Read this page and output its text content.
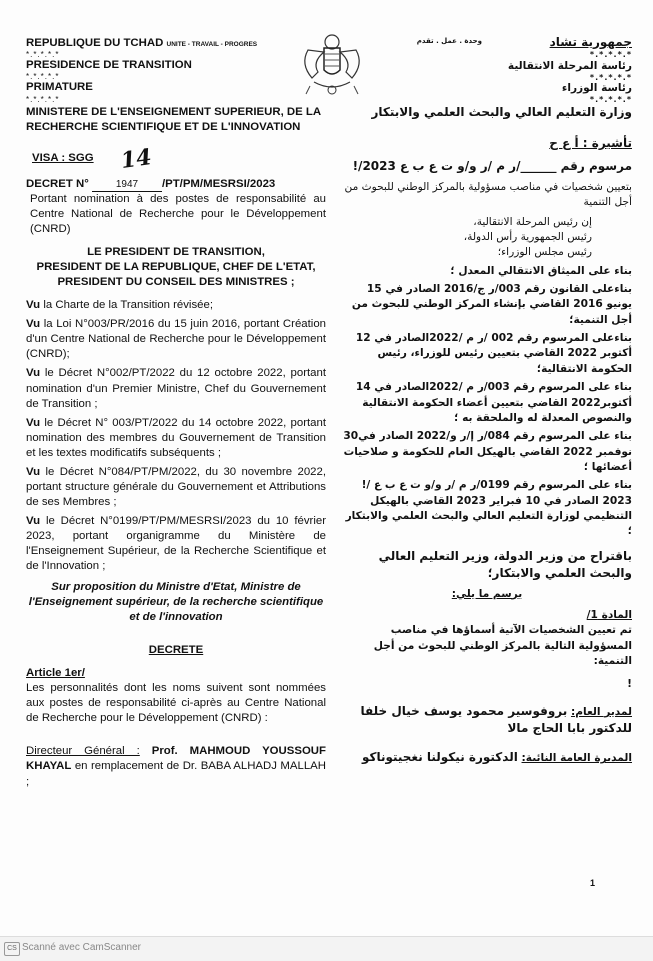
REPUBLIQUE DU TCHAD UNITE - TRAVAIL - PROGRES
*.*.*.*.*
PRESIDENCE DE TRANSITION
*.*.*.*.*
PRIMATURE
*.*.*.*.*
MINISTERE DE L'ENSEIGNEMENT SUPERIEUR, DE LA RECHERCHE SCIENTIFIQUE ET DE L'INNOVATION
VISA : SGG 14
DECRET N°	1947 /PT/PM/MESRSI/2023
Portant nomination à des postes de responsabilité au Centre National de Recherche pour le Développement (CNRD)
LE PRESIDENT DE TRANSITION,
PRESIDENT DE LA REPUBLIQUE, CHEF DE L'ETAT,
PRESIDENT DU CONSEIL DES MINISTRES ;
Vu la Charte de la Transition révisée;
Vu la Loi N°003/PR/2016 du 15 juin 2016, portant Création d'un Centre National de Recherche pour le Développement (CNRD);
Vu le Décret N°002/PT/2022 du 12 octobre 2022, portant nomination d'un Premier Ministre, Chef du Gouvernement de Transition ;
Vu le Décret N° 003/PT/2022 du 14 octobre 2022, portant nomination des membres du Gouvernement de Transition et les textes modificatifs subséquents ;
Vu le Décret N°084/PT/PM/2022, du 30 novembre 2022, portant structure générale du Gouvernement et Attributions de ses Membres ;
Vu le Décret N°0199/PT/PM/MESRSI/2023 du 10 février 2023, portant organigramme du Ministère de l'Enseignement Supérieur, de la Recherche Scientifique et de l'Innovation ;
Sur proposition du Ministre d'Etat, Ministre de l'Enseignement supérieur, de la recherche scientifique et de l'innovation
DECRETE
Article 1er/
Les personnalités dont les noms suivent sont nommées aux postes de responsabilité ci-après au Centre National de Recherche pour le Développement (CNRD) :
Directeur Général : Prof. MAHMOUD YOUSSOUF KHAYAL en remplacement de Dr. BABA ALHADJ MALLAH ;
جمهورية تشاد
وحدة . عمل . تقدم
*.*.*.*.*
رئاسة المرحلة الانتقالية
*.*.*.*.*
رئاسة الوزراء
*.*.*.*.*
وزارة التعليم العالي والبحث العلمي والابتكار
تأشيرة : أ ع ح
مرسوم رقم ______/ر م /ر و/و ت ع ب ع 2023/!
بتعيين شخصيات في مناصب مسؤولية بالمركز الوطني للبحوث من أجل التنمية
إن رئيس المرحلة الانتقالية،
رئيس الجمهورية رأس الدولة،
رئيس مجلس الوزراء؛
بناء على الميثاق الانتقالي المعدل ؛
بناءعلى القانون رقم 003/ر ج/2016 الصادر في 15 يونيو 2016 القاضي بإنشاء المركز الوطني للبحوث من أجل التنمية؛
بناءعلى المرسوم رقم 002 /ر م /2022الصادر في 12 أكتوبر 2022 القاضي بتعيين رئيس للوزراء، رئيس الحكومة الانتقالية؛
بناء على المرسوم رقم 003/ر م /2022الصادر في 14 أكتوبر2022 القاضي بتعيين أعضاء الحكومة الانتقالية والنصوص المعدلة له والملحقة به ؛
بناء على المرسوم رقم 084/ر إ/ر و/2022 الصادر في30 نوفمبر 2022 القاضي بالهيكل العام للحكومة و صلاحيات أعضائها ؛
بناء على المرسوم رقم 0199/ر م /ر و/و ت ع ب ع /! 2023 الصادر في 10 فبراير 2023 القاضي بالهيكل التنظيمي لوزارة التعليم العالي والبحث العلمي والابتكار ؛
باقتراح من وزير الدولة، وزير التعليم العالي والبحث العلمي والابتكار؛
يرسم ما يلي:
المادة 1/
تم تعيين الشخصيات الآتية أسماؤها في مناصب المسؤولية التالية بالمركز الوطني للبحوث من أجل التنمية:
!
لمدير العام: بروفوسير محمود يوسف خيال خلفا للدكتور بابا الحاج مالا
المديرة العامة النائبة: الدكتورة نيكولنا نغجيتوناكو
1
CS Scanné avec CamScanner
